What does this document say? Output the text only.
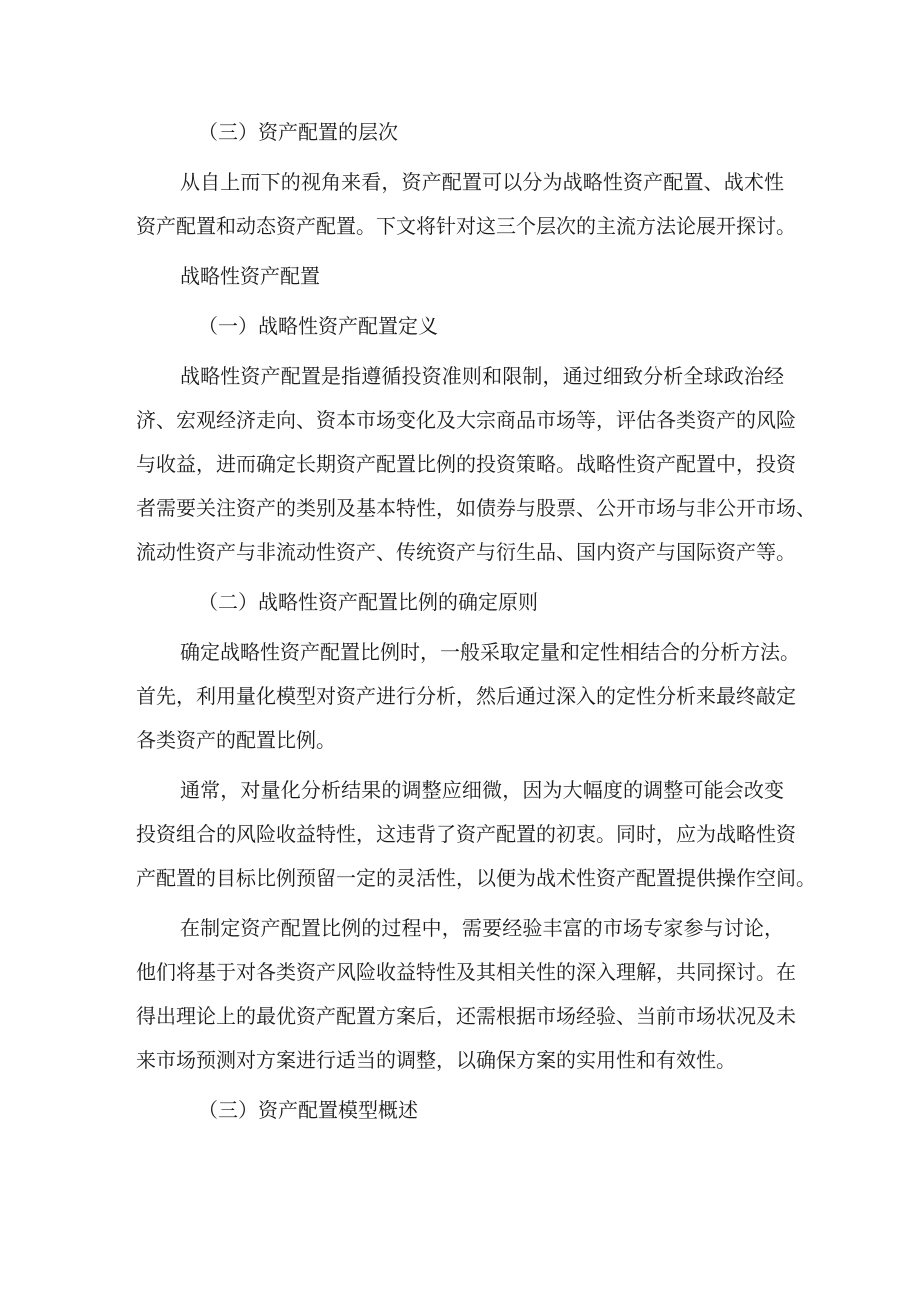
（三）资产配置的层次

从自上而下的视角来看，资产配置可以分为战略性资产配置、战术性

资产配置和动态资产配置。下文将针对这三个层次的主流方法论展开探讨。

战略性资产配置

（一）战略性资产配置定义

战略性资产配置是指遵循投资准则和限制，通过细致分析全球政治经

济、宏观经济走向、资本市场变化及大宗商品市场等，评估各类资产的风险

与收益，进而确定长期资产配置比例的投资策略。战略性资产配置中，投资

者需要关注资产的类别及基本特性，如债券与股票、公开市场与非公开市场、

流动性资产与非流动性资产、传统资产与衍生品、国内资产与国际资产等。

（二）战略性资产配置比例的确定原则

确定战略性资产配置比例时，一般采取定量和定性相结合的分析方法。

首先，利用量化模型对资产进行分析，然后通过深入的定性分析来最终敲定

各类资产的配置比例。

通常，对量化分析结果的调整应细微，因为大幅度的调整可能会改变

投资组合的风险收益特性，这违背了资产配置的初衷。同时，应为战略性资

产配置的目标比例预留一定的灵活性，以便为战术性资产配置提供操作空间。

在制定资产配置比例的过程中，需要经验丰富的市场专家参与讨论，

他们将基于对各类资产风险收益特性及其相关性的深入理解，共同探讨。在

得出理论上的最优资产配置方案后，还需根据市场经验、当前市场状况及未

来市场预测对方案进行适当的调整，以确保方案的实用性和有效性。

（三）资产配置模型概述
